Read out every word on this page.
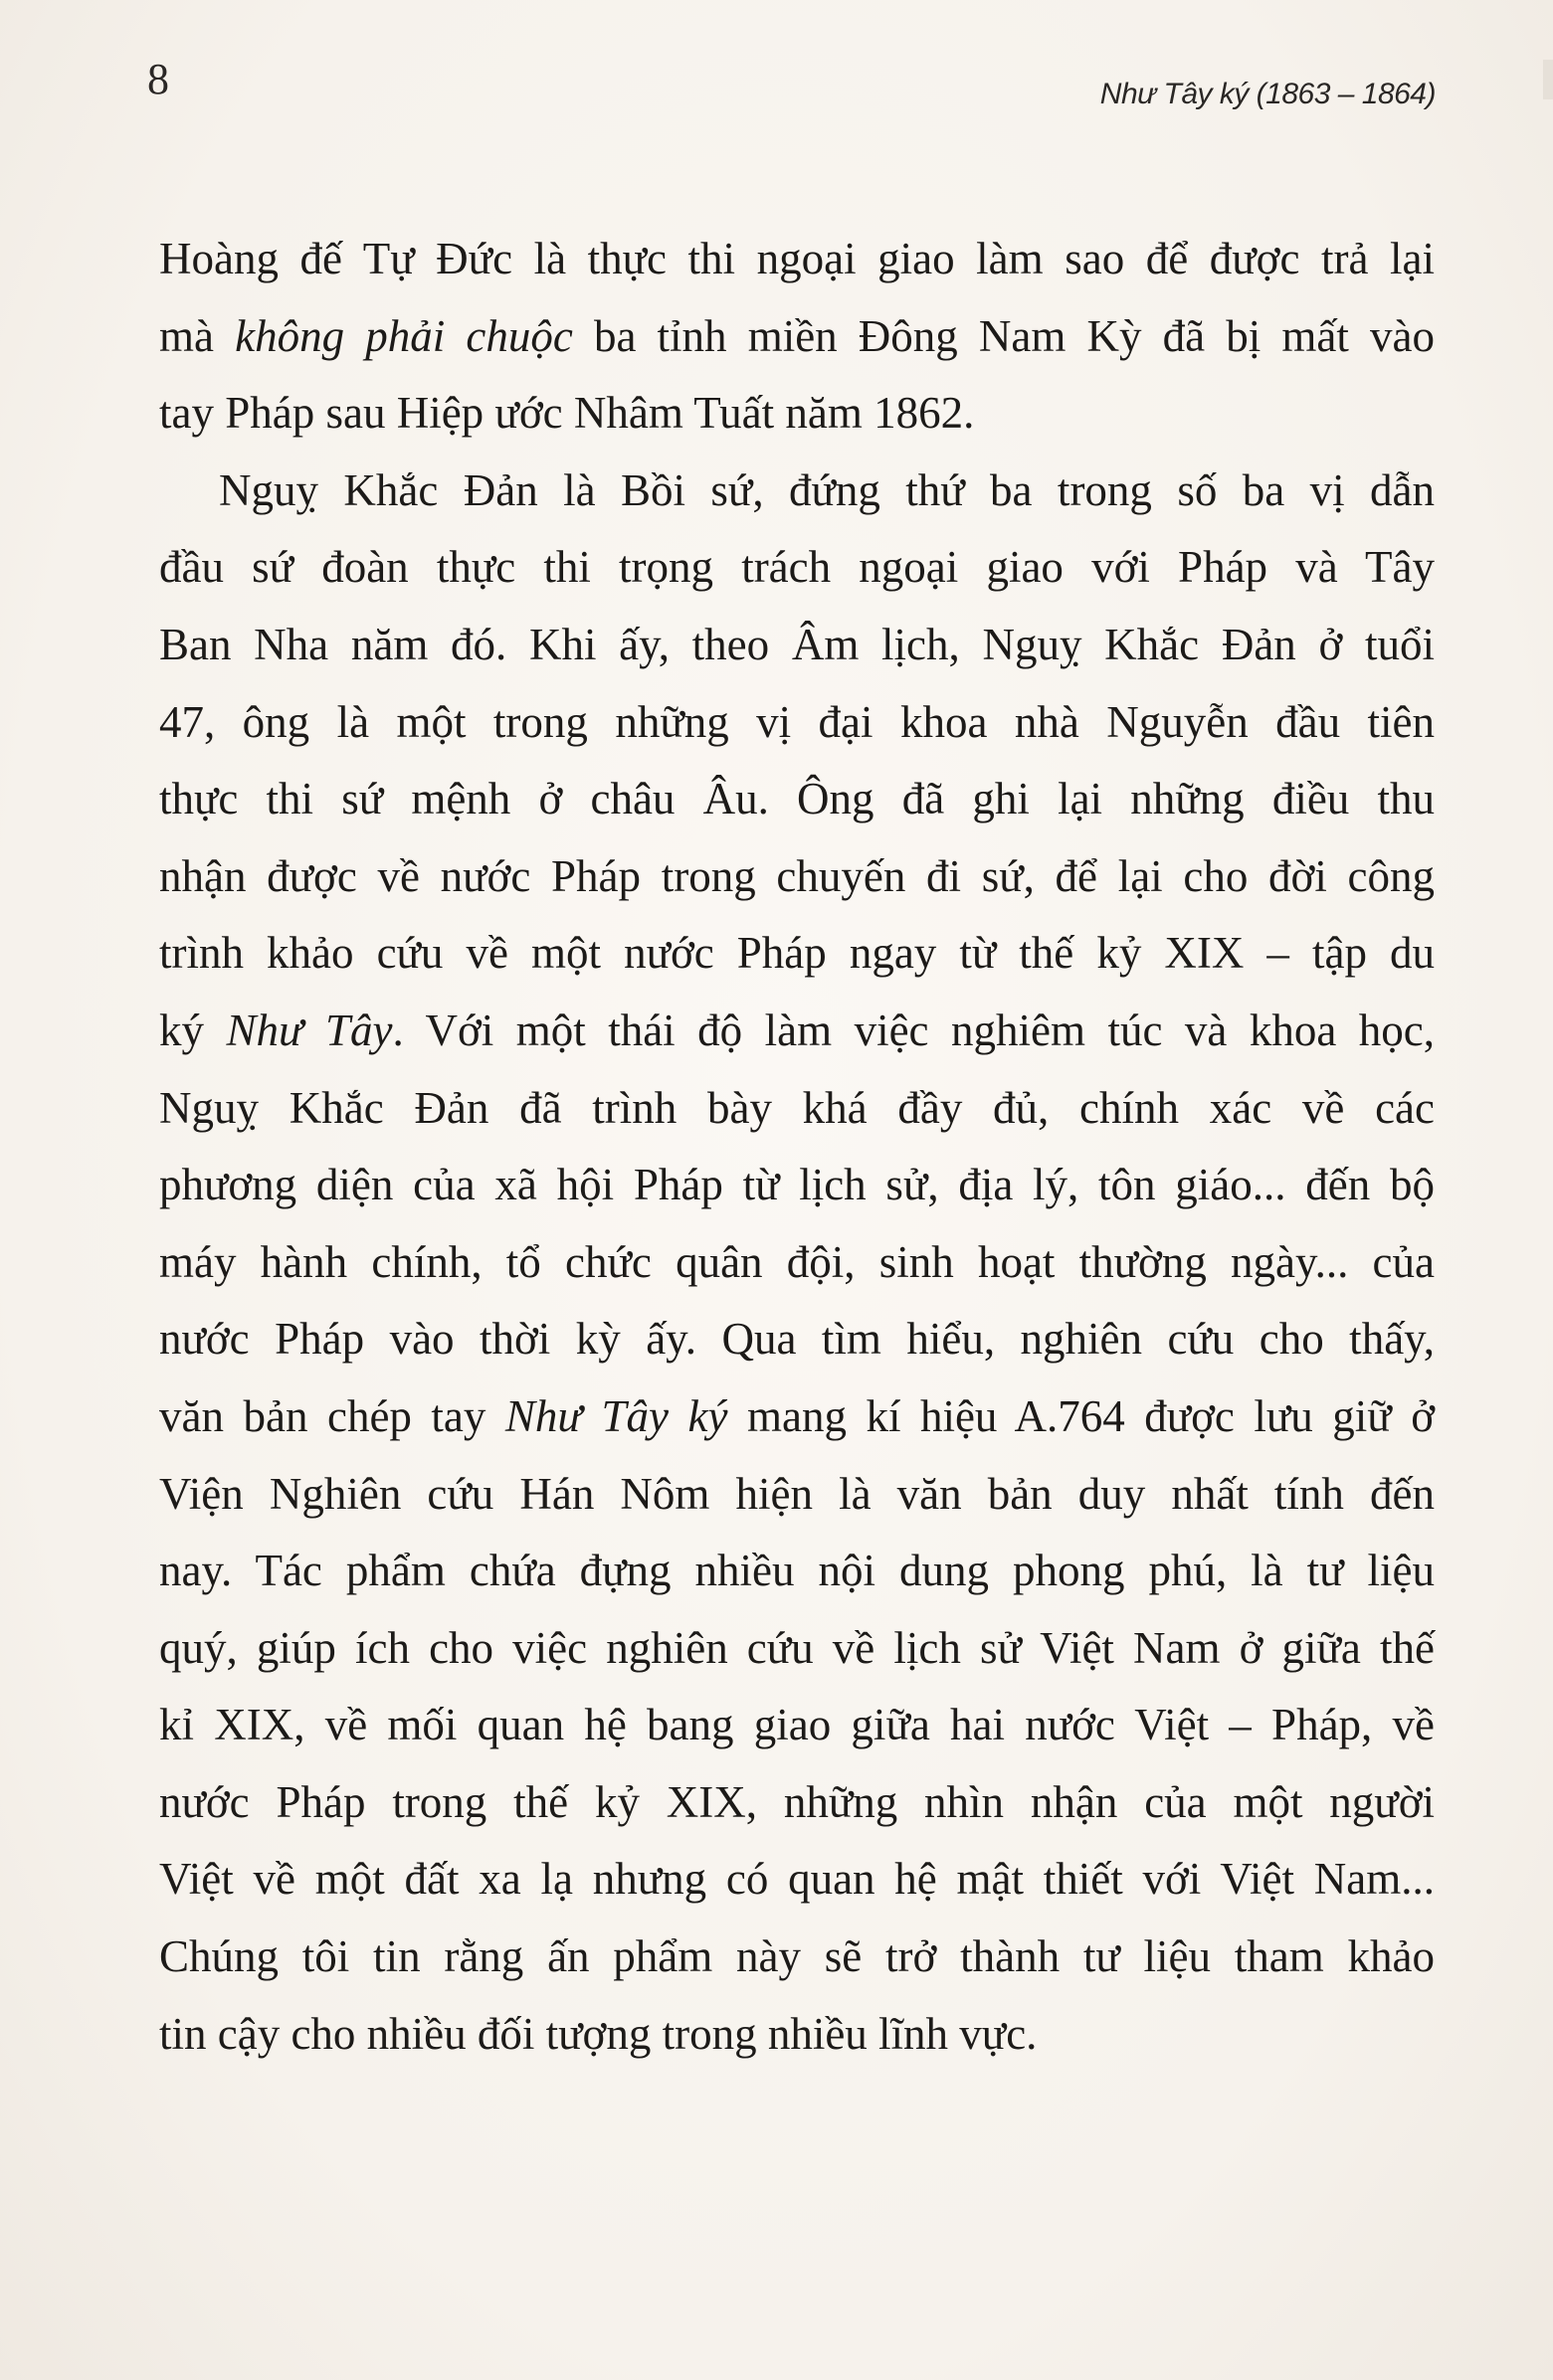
8	Như Tây ký (1863 – 1864)

Hoàng đế Tự Đức là thực thi ngoại giao làm sao để được trả lại
mà không phải chuộc ba tỉnh miền Đông Nam Kỳ đã bị mất vào
tay Pháp sau Hiệp ước Nhâm Tuất năm 1862.

Nguỵ Khắc Đản là Bồi sứ, đứng thứ ba trong số ba vị dẫn
đầu sứ đoàn thực thi trọng trách ngoại giao với Pháp và Tây
Ban Nha năm đó. Khi ấy, theo Âm lịch, Nguỵ Khắc Đản ở tuổi
47, ông là một trong những vị đại khoa nhà Nguyễn đầu tiên
thực thi sứ mệnh ở châu Âu. Ông đã ghi lại những điều thu
nhận được về nước Pháp trong chuyến đi sứ, để lại cho đời công
trình khảo cứu về một nước Pháp ngay từ thế kỷ XIX – tập du
ký Như Tây. Với một thái độ làm việc nghiêm túc và khoa học,
Nguỵ Khắc Đản đã trình bày khá đầy đủ, chính xác về các
phương diện của xã hội Pháp từ lịch sử, địa lý, tôn giáo... đến bộ
máy hành chính, tổ chức quân đội, sinh hoạt thường ngày... của
nước Pháp vào thời kỳ ấy. Qua tìm hiểu, nghiên cứu cho thấy,
văn bản chép tay Như Tây ký mang kí hiệu A.764 được lưu giữ ở
Viện Nghiên cứu Hán Nôm hiện là văn bản duy nhất tính đến
nay. Tác phẩm chứa đựng nhiều nội dung phong phú, là tư liệu
quý, giúp ích cho việc nghiên cứu về lịch sử Việt Nam ở giữa thế
kỉ XIX, về mối quan hệ bang giao giữa hai nước Việt – Pháp, về
nước Pháp trong thế kỷ XIX, những nhìn nhận của một người
Việt về một đất xa lạ nhưng có quan hệ mật thiết với Việt Nam...
Chúng tôi tin rằng ấn phẩm này sẽ trở thành tư liệu tham khảo
tin cậy cho nhiều đối tượng trong nhiều lĩnh vực.
